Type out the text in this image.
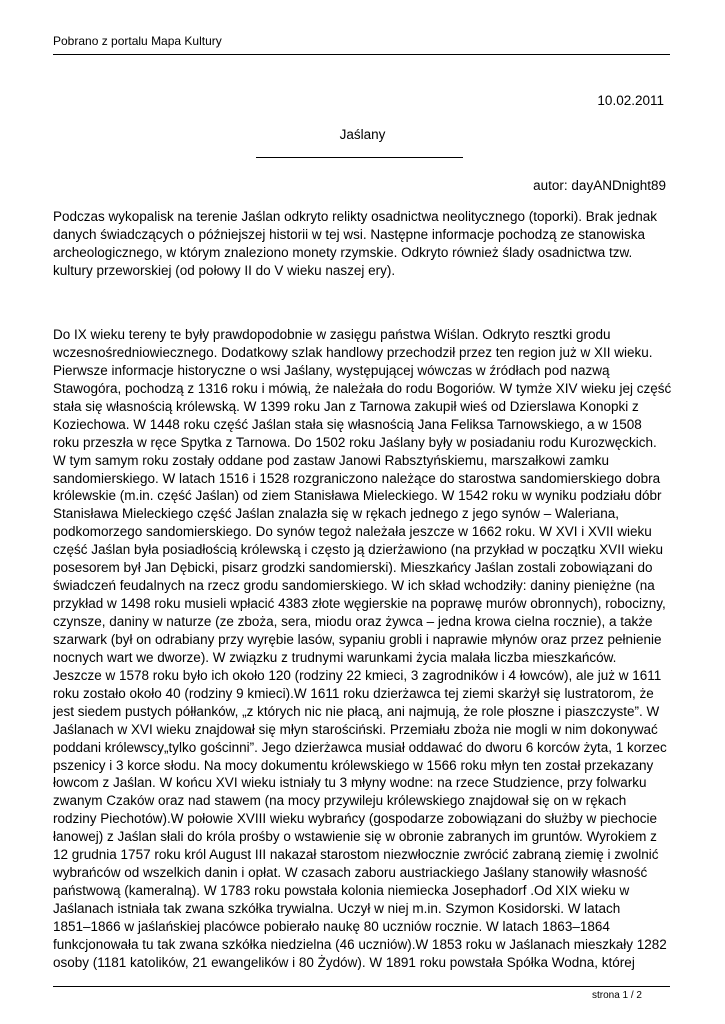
Pobrano z portalu Mapa Kultury
10.02.2011
Jaślany
autor: dayANDnight89
Podczas wykopalisk na terenie Jaślan odkryto relikty osadnictwa neolitycznego (toporki). Brak jednak
danych świadczących o późniejszej historii w tej wsi. Następne informacje pochodzą ze stanowiska
archeologicznego, w którym znaleziono monety rzymskie. Odkryto również ślady osadnictwa tzw.
kultury przeworskiej (od połowy II do V wieku naszej ery).
Do IX wieku tereny te były prawdopodobnie w zasięgu państwa Wiślan. Odkryto resztki grodu
wczesnośredniowiecznego. Dodatkowy szlak handlowy przechodził przez ten region już w XII wieku.
Pierwsze informacje historyczne o wsi Jaślany, występującej wówczas w źródłach pod nazwą
Stawogóra, pochodzą z 1316 roku i mówią, że należała do rodu Bogoriów. W tymże XIV wieku jej część
stała się własnością królewską. W 1399 roku Jan z Tarnowa zakupił wieś od Dzierslawa Konopki z
Koziechowa. W 1448 roku część Jaślan stała się własnością Jana Feliksa Tarnowskiego, a w 1508
roku przeszła w ręce Spytka z Tarnowa. Do 1502 roku Jaślany były w posiadaniu rodu Kurozwęckich.
W tym samym roku zostały oddane pod zastaw Janowi Rabsztyńskiemu, marszałkowi zamku
sandomierskiego. W latach 1516 i 1528 rozgraniczono należące do starostwa sandomierskiego dobra
królewskie (m.in. część Jaślan) od ziem Stanisława Mieleckiego. W 1542 roku w wyniku podziału dóbr
Stanisława Mieleckiego część Jaślan znalazła się w rękach jednego z jego synów – Waleriana,
podkomorzego sandomierskiego. Do synów tegoż należała jeszcze w 1662 roku. W XVI i XVII wieku
część Jaślan była posiadłością królewską i często ją dzierżawiono (na przykład w początku XVII wieku
posesorem był Jan Dębicki, pisarz grodzki sandomierski). Mieszkańcy Jaślan zostali zobowiązani do
świadczeń feudalnych na rzecz grodu sandomierskiego. W ich skład wchodziły: daniny pieniężne (na
przykład w 1498 roku musieli wpłacić 4383 złote węgierskie na poprawę murów obronnych), robocizny,
czynsze, daniny w naturze (ze zboża, sera, miodu oraz żywca – jedna krowa cielna rocznie), a także
szarwark (był on odrabiany przy wyrębie lasów, sypaniu grobli i naprawie młynów oraz przez pełnienie
nocnych wart we dworze). W związku z trudnymi warunkami życia malała liczba mieszkańców.
Jeszcze w 1578 roku było ich około 120 (rodziny 22 kmieci, 3 zagrodników i 4 łowców), ale już w 1611
roku zostało około 40 (rodziny 9 kmieci).W 1611 roku dzierżawca tej ziemi skarżył się lustratorom, że
jest siedem pustych półłanków, „z których nic nie płacą, ani najmują, że role płoszne i piaszczyste”. W
Jaślanach w XVI wieku znajdował się młyn starościński. Przemiału zboża nie mogli w nim dokonywać
poddani królewscy„tylko gościnni”. Jego dzierżawca musiał oddawać do dworu 6 korców żyta, 1 korzec
pszenicy i 3 korce słodu. Na mocy dokumentu królewskiego w 1566 roku młyn ten został przekazany
łowcom z Jaślan. W końcu XVI wieku istniały tu 3 młyny wodne: na rzece Studzience, przy folwarku
zwanym Czaków oraz nad stawem (na mocy przywileju królewskiego znajdował się on w rękach
rodziny Piechotów).W połowie XVIII wieku wybrańcy (gospodarze zobowiązani do służby w piechocie
łanowej) z Jaślan słali do króla prośby o wstawienie się w obronie zabranych im gruntów. Wyrokiem z
12 grudnia 1757 roku król August III nakazał starostom niezwłocznie zwrócić zabraną ziemię i zwolnić
wybrańców od wszelkich danin i opłat. W czasach zaboru austriackiego Jaślany stanowiły własność
państwową (kameralną). W 1783 roku powstała kolonia niemiecka Josephadorf .Od XIX wieku w
Jaślanach istniała tak zwana szkółka trywialna. Uczył w niej m.in. Szymon Kosidorski. W latach
1851–1866 w jaślańskiej placówce pobierało naukę 80 uczniów rocznie. W latach 1863–1864
funkcjonowała tu tak zwana szkółka niedzielna (46 uczniów).W 1853 roku w Jaślanach mieszkały 1282
osoby (1181 katolików, 21 ewangelików i 80 Żydów). W 1891 roku powstała Spółka Wodna, której
strona 1 / 2
